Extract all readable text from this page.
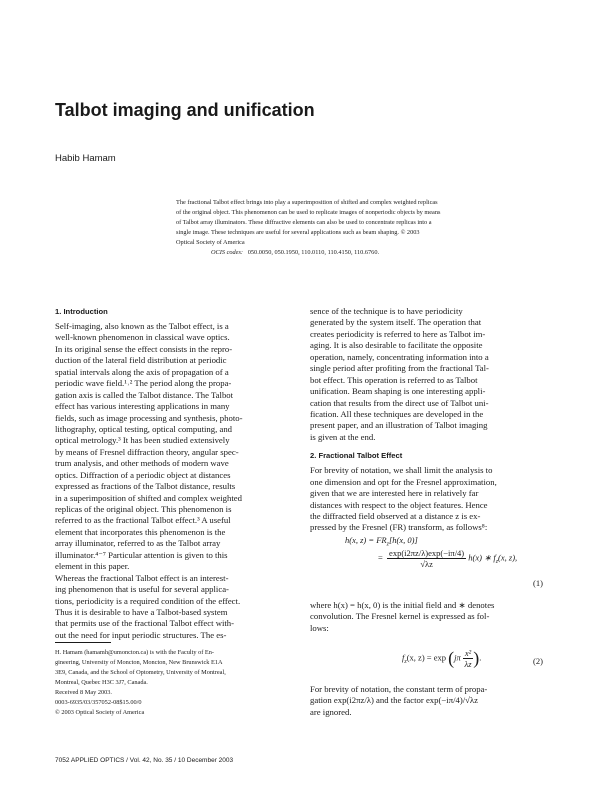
Talbot imaging and unification
Habib Hamam
The fractional Talbot effect brings into play a superimposition of shifted and complex weighted replicas
of the original object. This phenomenon can be used to replicate images of nonperiodic objects by means
of Talbot array illuminators. These diffractive elements can also be used to concentrate replicas into a
single image. These techniques are useful for several applications such as beam shaping. © 2003
Optical Society of America
OCIS codes: 050.0050, 050.1950, 110.0110, 110.4150, 110.6760.
1. Introduction
Self-imaging, also known as the Talbot effect, is a
well-known phenomenon in classical wave optics.
In its original sense the effect consists in the repro-
duction of the lateral field distribution at periodic
spatial intervals along the axis of propagation of a
periodic wave field.¹˒² The period along the propa-
gation axis is called the Talbot distance. The Talbot
effect has various interesting applications in many
fields, such as image processing and synthesis, photo-
lithography, optical testing, optical computing, and
optical metrology.³ It has been studied extensively
by means of Fresnel diffraction theory, angular spec-
trum analysis, and other methods of modern wave
optics. Diffraction of a periodic object at distances
expressed as fractions of the Talbot distance, results
in a superimposition of shifted and complex weighted
replicas of the original object. This phenomenon is
referred to as the fractional Talbot effect.³ A useful
element that incorporates this phenomenon is the
array illuminator, referred to as the Talbot array
illuminator.⁴⁻⁷ Particular attention is given to this
element in this paper.
Whereas the fractional Talbot effect is an interest-
ing phenomenon that is useful for several applica-
tions, periodicity is a required condition of the effect.
Thus it is desirable to have a Talbot-based system
that permits use of the fractional Talbot effect with-
out the need for input periodic structures. The es-
H. Hamam (hamamh@umoncton.ca) is with the Faculty of En-
gineering, University of Moncton, Moncton, New Brunswick E1A
3E9, Canada, and the School of Optometry, University of Montreal,
Montreal, Quebec H3C 3J7, Canada.
Received 8 May 2003.
0003-6935/03/357052-08$15.00/0
© 2003 Optical Society of America
sence of the technique is to have periodicity
generated by the system itself. The operation that
creates periodicity is referred to here as Talbot im-
aging. It is also desirable to facilitate the opposite
operation, namely, concentrating information into a
single period after profiting from the fractional Tal-
bot effect. This operation is referred to as Talbot
unification. Beam shaping is one interesting appli-
cation that results from the direct use of Talbot uni-
fication. All these techniques are developed in the
present paper, and an illustration of Talbot imaging
is given at the end.
2. Fractional Talbot Effect
For brevity of notation, we shall limit the analysis to
one dimension and opt for the Fresnel approximation,
given that we are interested here in relatively far
distances with respect to the object features. Hence
the diffracted field observed at a distance z is ex-
pressed by the Fresnel (FR) transform, as follows⁸:
h(x, $z) = FR_z[h(x$, 0)]
= $\frac{\exp(i2\pi z/\lambda)\exp(-i\pi/4)}{√\lambda z} h(x)$ ∗ $f_z(x$, z),
(1)
where h(x) = h(x, 0) is the initial field and ∗ denotes
convolution. The Fresnel kernel is expressed as fol-
lows:
$f_z(x$, $z) = \exp (j\pi \frac{\text{x²}}{\lambda z}$ ).	(2)
For brevity of notation, the constant term of propa-
gation exp(i2πz/λ) and the factor exp(−iπ/4)/√λz
are ignored.
7052 APPLIED OPTICS / Vol. 42, No. 35 / 10 December 2003
